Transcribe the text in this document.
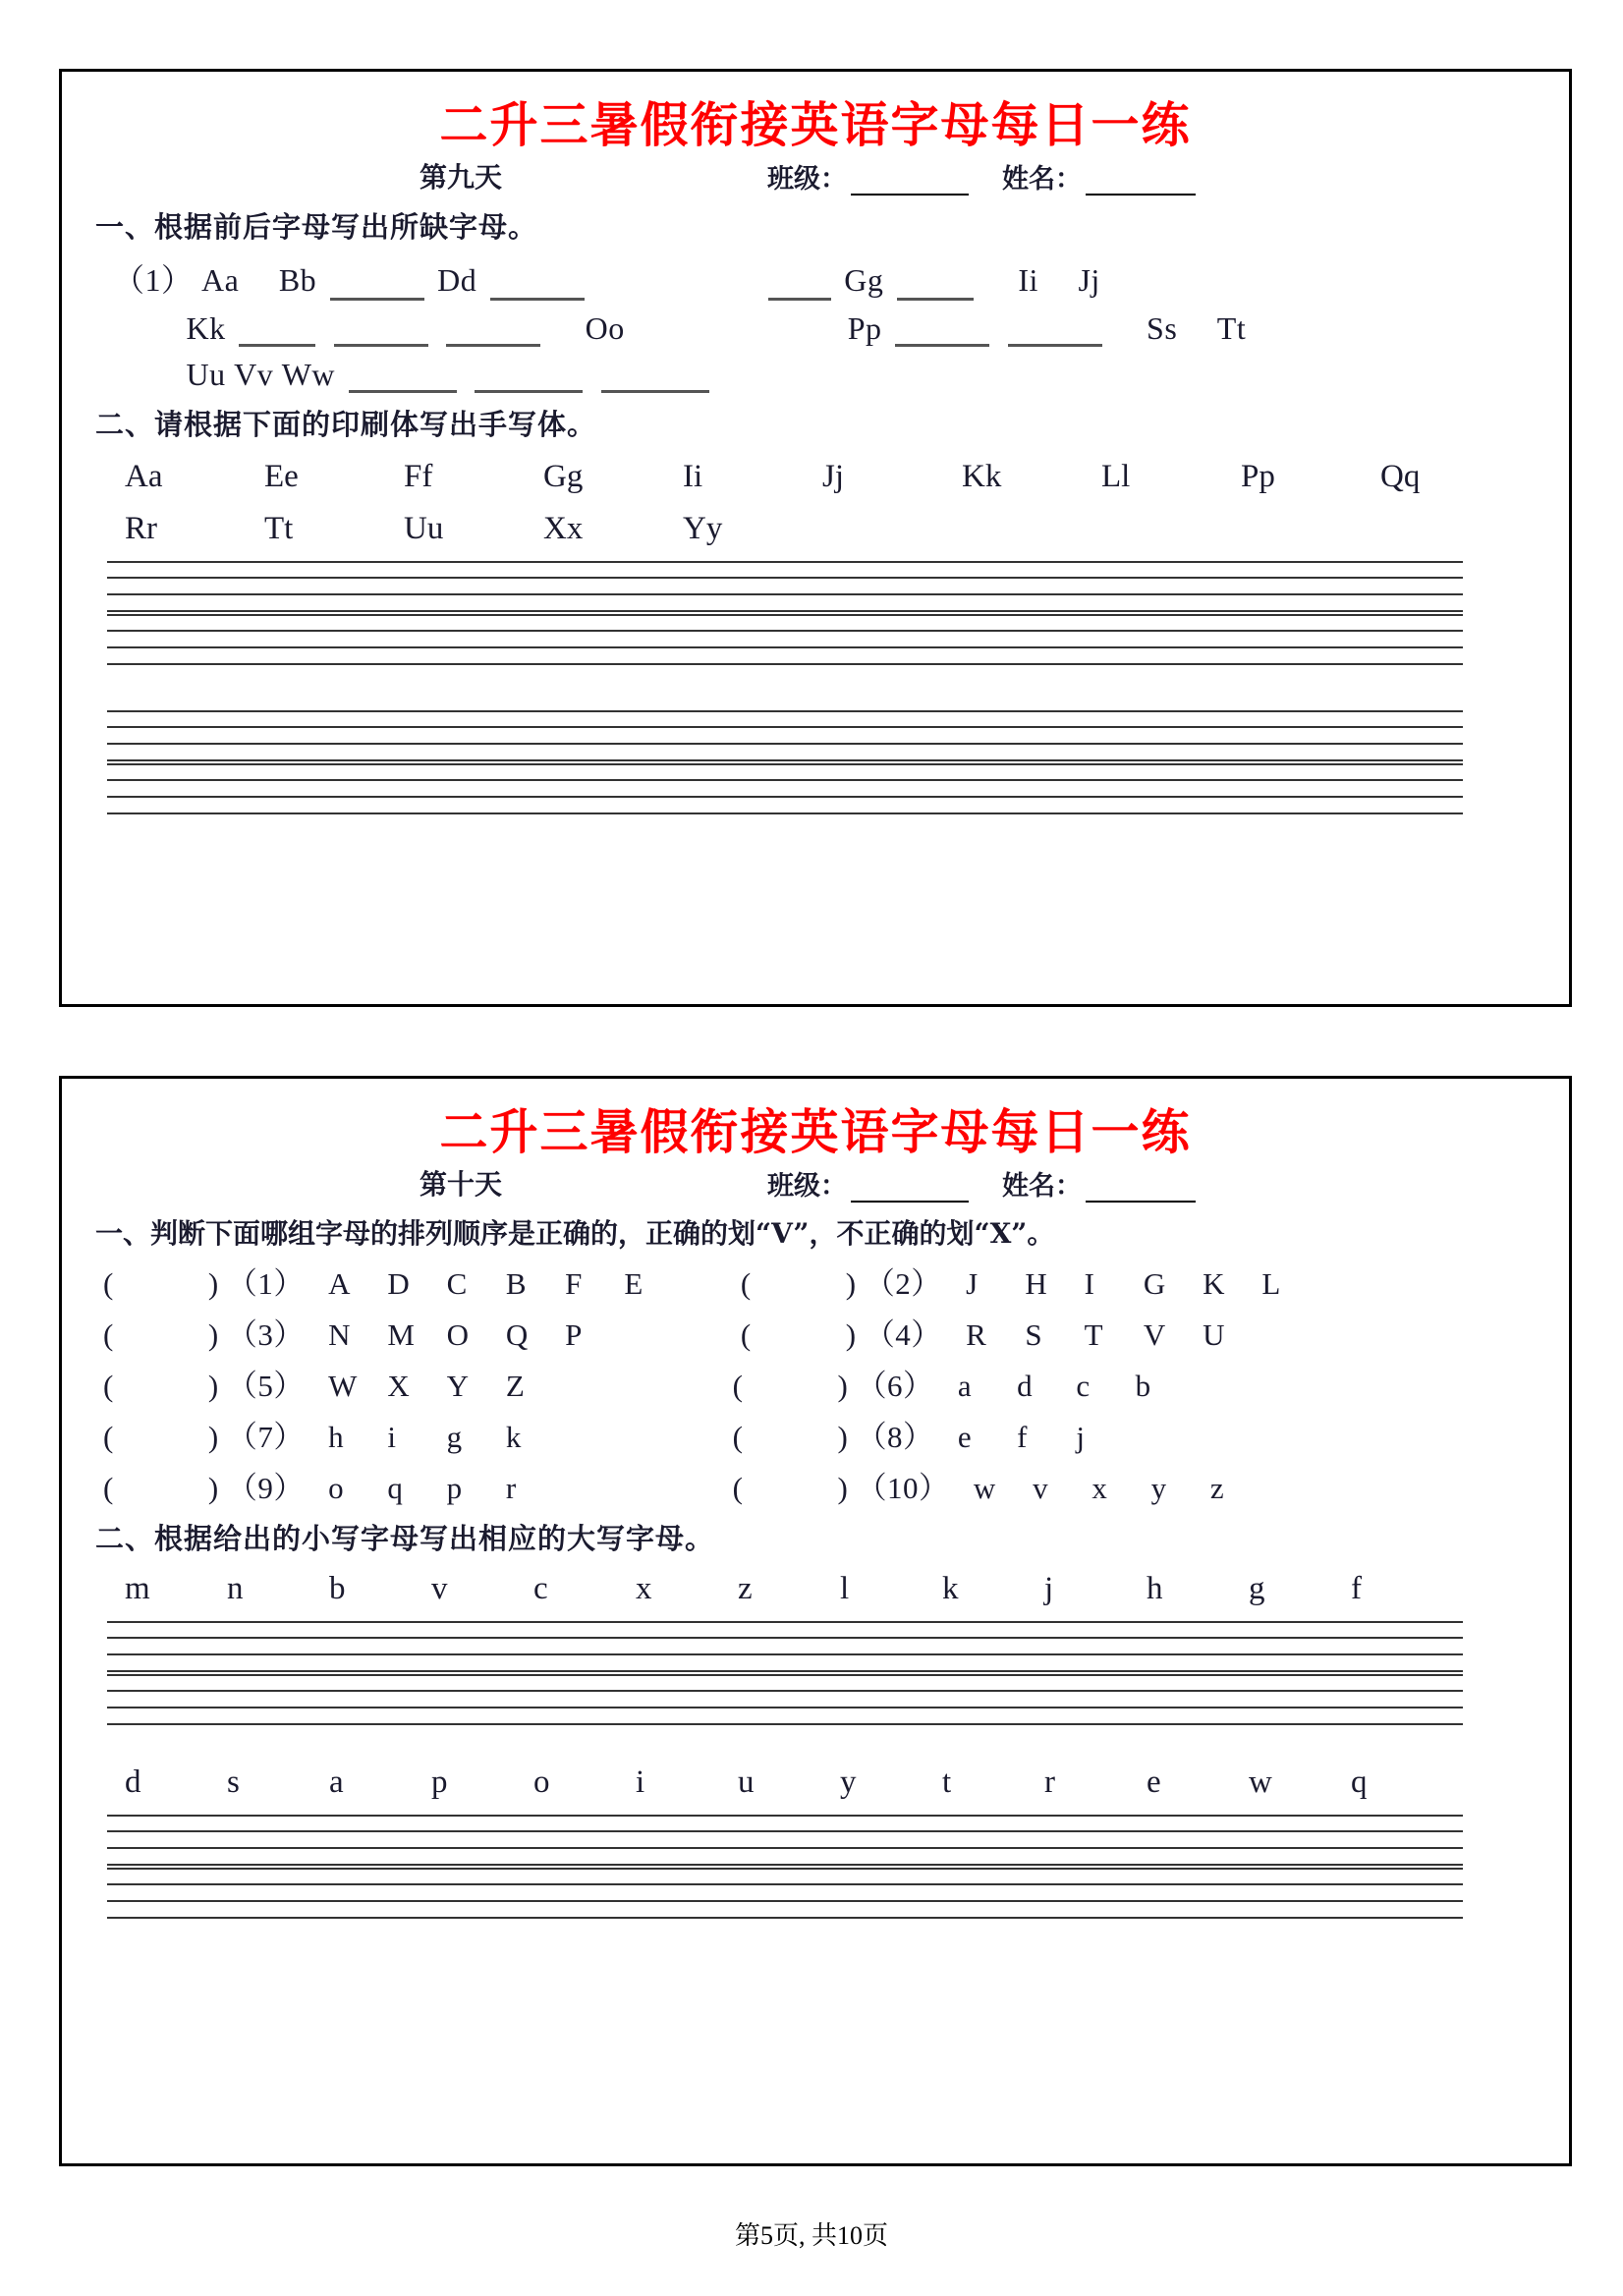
二升三暑假衔接英语字母每日一练
第九天	班级：	姓名：
一、根据前后字母写出所缺字母。
（1） Aa Bb	Dd	Gg	Ii Jj
Kk	Oo	Pp	Ss Tt
Uu Vv Ww
二、请根据下面的印刷体写出手写体。
Aa	Ee	Ff	Gg	Ii	Jj	Kk	Ll	Pp	Qq
Rr	Tt	Uu	Xx	Yy
二升三暑假衔接英语字母每日一练
第十天	班级：	姓名：
一、判断下面哪组字母的排列顺序是正确的，正确的划“V”，不正确的划“X”。
(	) （1） A D C B F E	(	) （2） J H I G K L
(	) （3） N M O Q P	(	) （4） R S T V U
(	) （5） W X Y Z	(	) （6） a d c b
(	) （7） h i g k	(	) （8） e f j
(	) （9） o q p r	(	) （10） w v x y z
二、根据给出的小写字母写出相应的大写字母。
m	n	b	v	c	x	z	l	k	j	h	g	f
d	s	a	p	o	i	u	y	t	r	e	w	q
第5页, 共10页
